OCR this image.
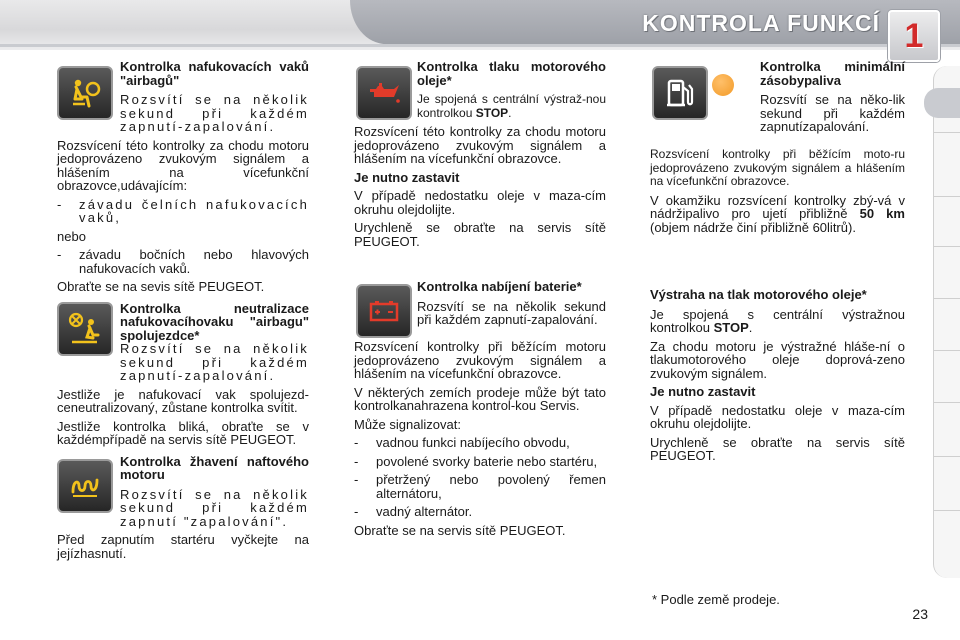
KONTROLA FUNKCÍ 1

Kontrolka nafukovacích vaků "airbagů"

Rozsvítí se na několik sekund při každém zapnutí-zapalování.

Rozsvícení této kontrolky za chodu motoru jedoprovázeno zvukovým signálem a hlášením na vícefunkční obrazovce,udávajícím:

-	závadu čelních nafukovacích vaků,

nebo

-	závadu bočních nebo hlavových nafukovacích vaků.

Obraťte se na sevis sítě PEUGEOT.

Kontrolka neutralizace nafukovacíhovaku "airbagu" spolujezdce*

Rozsvítí se na několik sekund při každém zapnutí-zapalování.

Jestliže je nafukovací vak spolujezd-ceneutralizovaný, zůstane kontrolka svítit.

Jestliže kontrolka bliká, obraťte se v každémpřípadě na servis sítě PEUGEOT.

Kontrolka žhavení naftového motoru

Rozsvítí se na několik sekund při každém zapnutí "zapalování".

Před zapnutím startéru vyčkejte na jejízhasnutí.

Kontrolka tlaku motorového oleje*

Je spojená s centrální výstraž-nou kontrolkou STOP.

Rozsvícení této kontrolky za chodu motoru jedoprovázeno zvukovým signálem a hlášením na vícefunkční obrazovce.

Je nutno zastavit

V případě nedostatku oleje v maza-cím okruhu olejdolijte.

Urychleně se obraťte na servis sítě PEUGEOT.

Kontrolka nabíjení baterie*

Rozsvítí se na několik sekund při každém zapnutí-zapalování.

Rozsvícení kontrolky při běžícím motoru jedoprovázeno zvukovým signálem a hlášením na vícefunkční obrazovce.

V některých zemích prodeje může být tato kontrolkanahrazena kontrol-kou Servis.

Může signalizovat:

-	vadnou funkci nabíjecího obvodu,
-	povolené svorky baterie nebo startéru,
-	přetržený nebo povolený řemen alternátoru,
-	vadný alternátor.

Obraťte se na servis sítě PEUGEOT.

Kontrolka minimální zásobypaliva

Rozsvítí se na něko-lik sekund při každém zapnutízapalování.

Rozsvícení kontrolky při běžícím moto-ru jedoprovázeno zvukovým signálem a hlášením na vícefunkční obrazovce.

V okamžiku rozsvícení kontrolky zbý-vá v nádržipalivo pro ujetí přibližně 50 km (objem nádrže činí přibližně 60litrů).

Výstraha na tlak motorového oleje*

Je spojená s centrální výstražnou kontrolkou STOP.

Za chodu motoru je výstražné hláše-ní o tlakumotorového oleje doprová-zeno zvukovým signálem.

Je nutno zastavit

V případě nedostatku oleje v maza-cím okruhu olejdolijte.

Urychleně se obraťte na servis sítě PEUGEOT.

* Podle země prodeje.
23
